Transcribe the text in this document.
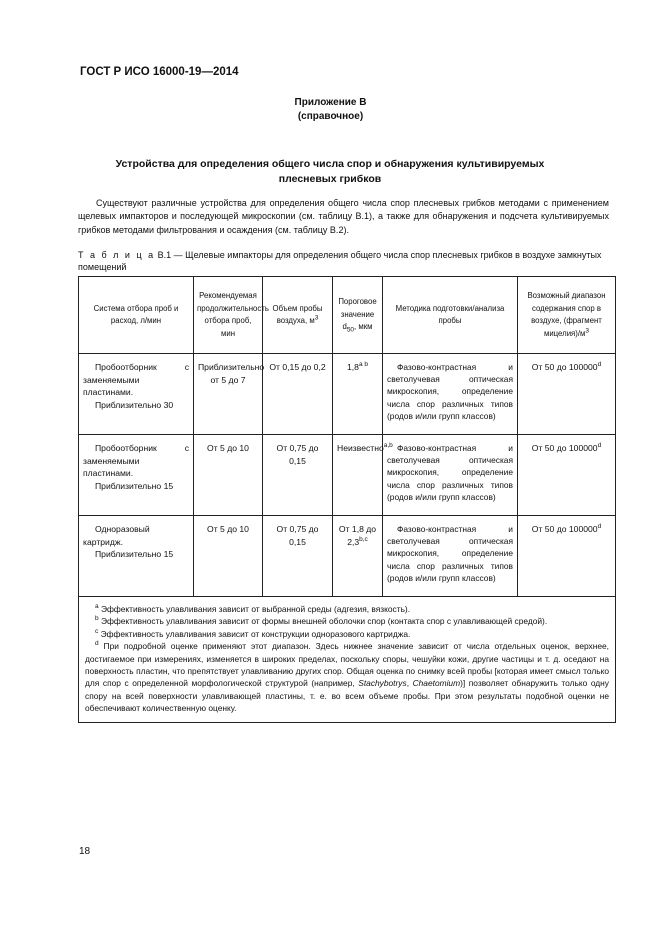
ГОСТ Р ИСО 16000-19—2014
Приложение В
(справочное)
Устройства для определения общего числа спор и обнаружения культивируемых плесневых грибков
Существуют различные устройства для определения общего числа спор плесневых грибков методами с применением щелевых импакторов и последующей микроскопии (см. таблицу В.1), а также для обнаружения и подсчета культивируемых грибков методами фильтрования и осаждения (см. таблицу В.2).
Т а б л и ц а В.1 — Щелевые импакторы для определения общего числа спор плесневых грибков в воздухе замкнутых помещений
Система отбора проб и расход, л/мин	Рекомендуемая продолжительность отбора проб, мин	Объем пробы воздуха, $м^3$	Пороговое значение $d_{50}$, мкм	Методика подготовки/анализа пробы	Возможный диапазон содержания спор в воздухе, (фрагмент $мицелия)/м^3$

Пробоотборник с заменяемыми пластинами.
Приблизительно 30	Приблизительно от 5 до 7	От 0,15 до 0,2	$1,8^{a b}$	Фазово-контрастная и светолучевая оптическая микроскопия, определение числа спор различных типов (родов и/или групп классов)	От 50 до 100000$^d$

Пробоотборник с заменяемыми пластинами.
Приблизительно 15	От 5 до 10	От 0,75 до 0,15	Неизвестно$^{a,b}$	Фазово-контрастная и светолучевая оптическая микроскопия, определение числа спор различных типов (родов и/или групп классов)	От 50 до 100000$^d$

Одноразовый картридж.
Приблизительно 15	От 5 до 10	От 0,75 до 0,15	От 1,8 до 2,3$^{b,c}$	Фазово-контрастная и светолучевая оптическая микроскопия, определение числа спор различных типов (родов и/или групп классов)	От 50 до 100000$^d$

$^a$ Эффективность улавливания зависит от выбранной среды (адгезия, вязкость).
$^b$ Эффективность улавливания зависит от формы внешней оболочки спор (контакта спор с улавливающей средой).
$^c$ Эффективность улавливания зависит от конструкции одноразового картриджа.
$^d$ При подробной оценке применяют этот диапазон. Здесь нижнее значение зависит от числа отдельных оценок, верхнее, достигаемое при измерениях, изменяется в широких пределах, поскольку споры, чешуйки кожи, другие частицы и т. д. оседают на поверхность пластин, что препятствует улавливанию других спор. Общая оценка по снимку всей пробы [которая имеет смысл только для спор с определенной морфологической структурой (например, Stachybotrys, Chaetomium)] позволяет обнаружить только одну спору на всей поверхности улавливающей пластины, т. е. во всем объеме пробы. При этом результаты подобной оценки не обеспечивают количественную оценку.					
18
